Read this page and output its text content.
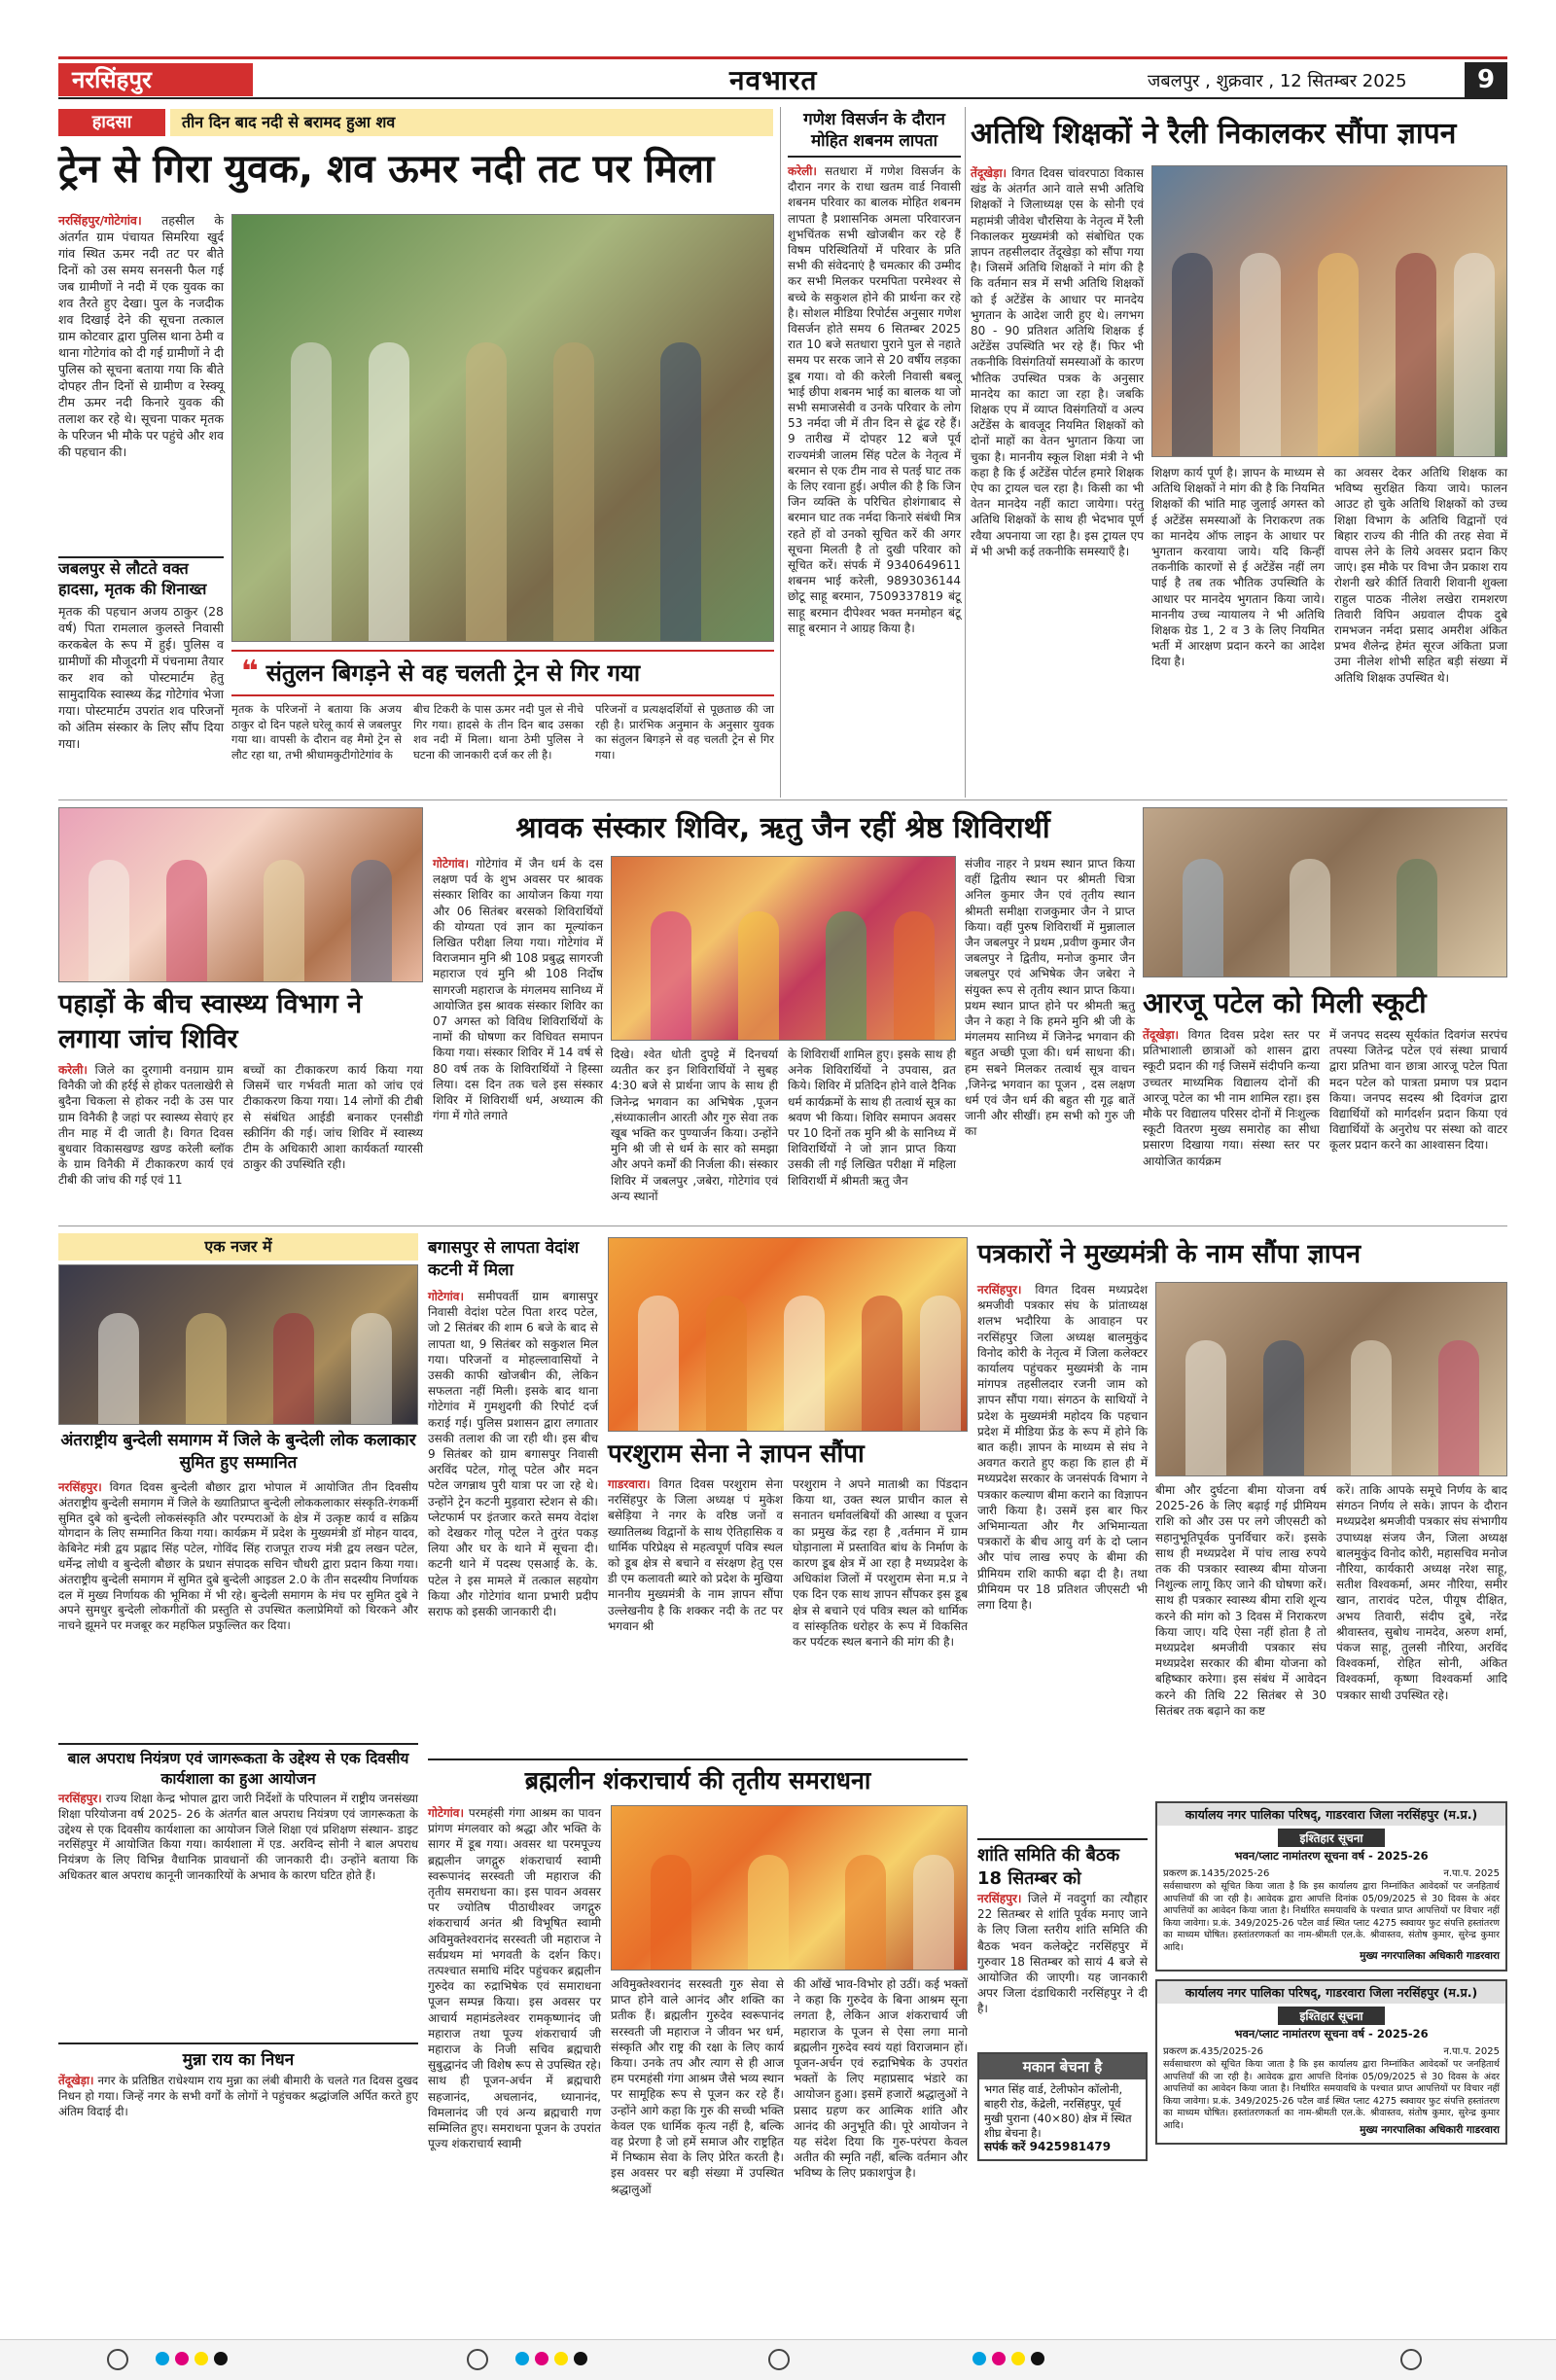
नरसिंहपुर	नवभारत	जबलपुर , शुक्रवार , 12 सितम्बर 2025	9
हादसा	तीन दिन बाद नदी से बरामद हुआ शव
ट्रेन से गिरा युवक, शव ऊमर नदी तट पर मिला
नरसिंहपुर/गोटेगांव। तहसील के अंतर्गत ग्राम पंचायत सिमरिया खुर्द गांव स्थित ऊमर नदी तट पर बीते दिनों को उस समय सनसनी फैल गई जब ग्रामीणों ने नदी में एक युवक का शव तैरते हुए देखा। पुल के नजदीक शव दिखाई देने की सूचना तत्काल ग्राम कोटवार द्वारा पुलिस थाना ठेमी व थाना गोटेगांव को दी गई ग्रामीणों ने दी पुलिस को सूचना बताया गया कि बीते दोपहर तीन दिनों से ग्रामीण व रेस्क्यू टीम ऊमर नदी किनारे युवक की तलाश कर रहे थे। सूचना पाकर मृतक के परिजन भी मौके पर पहुंचे और शव की पहचान की।
जबलपुर से लौटते वक्त हादसा, मृतक की शिनाख्त
मृतक की पहचान अजय ठाकुर (28 वर्ष) पिता रामलाल कुलस्ते निवासी करकबेल के रूप में हुई। पुलिस व ग्रामीणों की मौजूदगी में पंचनामा तैयार कर शव को पोस्टमार्टम हेतु सामुदायिक स्वास्थ्य केंद्र गोटेगांव भेजा गया। पोस्टमार्टम उपरांत शव परिजनों को अंतिम संस्कार के लिए सौंप दिया गया।
❝ संतुलन बिगड़ने से वह चलती ट्रेन से गिर गया
मृतक के परिजनों ने बताया कि अजय ठाकुर दो दिन पहले घरेलू कार्य से जबलपुर गया था। वापसी के दौरान वह मैमो ट्रेन से लौट रहा था, तभी श्रीधामकुटीगोटेगांव के
बीच टिकरी के पास ऊमर नदी पुल से नीचे गिर गया। हादसे के तीन दिन बाद उसका शव नदी में मिला। थाना ठेमी पुलिस ने घटना की जानकारी दर्ज कर ली है।
परिजनों व प्रत्यक्षदर्शियों से पूछताछ की जा रही है। प्रारंभिक अनुमान के अनुसार युवक का संतुलन बिगड़ने से वह चलती ट्रेन से गिर गया।
गणेश विसर्जन के दौरान मोहित शबनम लापता
करेली। सतधारा में गणेश विसर्जन के दौरान नगर के राधा खतम वार्ड निवासी शबनम परिवार का बालक मोहित शबनम लापता है प्रशासनिक अमला परिवारजन शुभचिंतक सभी खोजबीन कर रहे हैं विषम परिस्थितियों में परिवार के प्रति सभी की संवेदनाएं है चमत्कार की उम्मीद कर सभी मिलकर परमपिता परमेश्वर से बच्चे के सकुशल होने की प्रार्थना कर रहे है। सोशल मीडिया रिपोर्टस अनुसार गणेश विसर्जन होते समय 6 सितम्बर 2025 रात 10 बजे सतधारा पुराने पुल से नहाते समय पर सरक जाने से 20 वर्षीय लड़का डूब गया। वो की करेली निवासी बबलू भाई छीपा शबनम भाई का बालक था जो सभी समाजसेवी व उनके परिवार के लोग 53 नर्मदा जी में तीन दिन से ढूंढ रहे हैं। 9 तारीख में दोपहर 12 बजे पूर्व राज्यमंत्री जालम सिंह पटेल के नेतृत्व में बरमान से एक टीम नाव से पतई घाट तक के लिए रवाना हुई। अपील की है कि जिन जिन व्यक्ति के परिचित होशंगाबाद से बरमान घाट तक नर्मदा किनारे संबंधी मित्र रहते हों वो उनको सूचित करें की अगर सूचना मिलती है तो दुखी परिवार को सूचित करें। संपर्क में 9340649611 शबनम भाई करेली, 9893036144 छोटू साहू बरमान, 7509337819 बंटू साहू बरमान दीपेश्वर भक्त मनमोहन बंटू साहू बरमान ने आग्रह किया है।
अतिथि शिक्षकों ने रैली निकालकर सौंपा ज्ञापन
तेंदूखेड़ा। विगत दिवस चांवरपाठा विकास खंड के अंतर्गत आने वाले सभी अतिथि शिक्षकों ने जिलाध्यक्ष एस के सोनी एवं महामंत्री जीवेश चौरसिया के नेतृत्व में रैली निकालकर मुख्यमंत्री को संबोधित एक ज्ञापन तहसीलदार तेंदूखेड़ा को सौंपा गया है। जिसमें अतिथि शिक्षकों ने मांग की है कि वर्तमान सत्र में सभी अतिथि शिक्षकों को ई अटेंडेंस के आधार पर मानदेय भुगतान के आदेश जारी हुए थे। लगभग 80 - 90 प्रतिशत अतिथि शिक्षक ई अटेंडेंस उपस्थिति भर रहे हैं। फिर भी तकनीकि विसंगतियों समस्याओं के कारण भौतिक उपस्थित पत्रक के अनुसार मानदेय का काटा जा रहा है। जबकि शिक्षक एप में व्याप्त विसंगतियों व अल्प अटेंडेंस के बावजूद नियमित शिक्षकों को दोनों माहों का वेतन भुगतान किया जा चुका है। माननीय स्कूल शिक्षा मंत्री ने भी कहा है कि ई अटेंडेंस पोर्टल हमारे शिक्षक ऐप का ट्रायल चल रहा है। किसी का भी वेतन मानदेय नहीं काटा जायेगा। परंतु अतिथि शिक्षकों के साथ ही भेदभाव पूर्ण रवैया अपनाया जा रहा है। इस ट्रायल एप में भी अभी कई तकनीकि समस्याएँ है।
शिक्षण कार्य पूर्ण है। ज्ञापन के माध्यम से अतिथि शिक्षकों ने मांग की है कि नियमित शिक्षकों की भांति माह जुलाई अगस्त को ई अटेंडेंस समस्याओं के निराकरण तक का मानदेय ऑफ लाइन के आधार पर भुगतान करवाया जाये। यदि किन्हीं तकनीकि कारणों से ई अटेंडेंस नहीं लग पाई है तब तक भौतिक उपस्थिति के आधार पर मानदेय भुगतान किया जाये। माननीय उच्च न्यायालय ने भी अतिथि शिक्षक ग्रेड 1, 2 व 3 के लिए नियमित भर्ती में आरक्षण प्रदान करने का आदेश दिया है।
का अवसर देकर अतिथि शिक्षक का भविष्य सुरक्षित किया जाये। फालन आउट हो चुके अतिथि शिक्षकों को उच्च शिक्षा विभाग के अतिथि विद्वानों एवं बिहार राज्य की नीति की तरह सेवा में वापस लेने के लिये अवसर प्रदान किए जाएं। इस मौके पर विभा जैन प्रकाश राय रोशनी खरे कीर्ति तिवारी शिवानी शुक्ला राहुल पाठक नीलेश लखेरा रामशरण तिवारी विपिन अग्रवाल दीपक दुबे रामभजन नर्मदा प्रसाद अमरीश अंकित प्रभव शैलेन्द्र हेमंत सूरज अंकिता प्रजा उमा नीलेश शोभी सहित बड़ी संख्या में अतिथि शिक्षक उपस्थित थे।
पहाड़ों के बीच स्वास्थ्य विभाग ने लगाया जांच शिविर
करेली। जिले का दुरगामी वनग्राम ग्राम विनैकी जो की हर्रई से होकर पतलाखेरी से बुदैना चिकला से होकर नदी के उस पार ग्राम विनैकी है जहां पर स्वास्थ्य सेवाएं हर तीन माह में दी जाती है। विगत दिवस बुधवार विकासखण्ड खण्ड करेली ब्लॉक के ग्राम विनैकी में टीकाकरण कार्य एवं टीबी की जांच की गई एवं 11
बच्चों का टीकाकरण कार्य किया गया जिसमें चार गर्भवती माता को जांच एवं टीकाकरण किया गया। 14 लोगों की टीबी से संबंधित आईडी बनाकर एनसीडी स्क्रीनिंग की गई। जांच शिविर में स्वास्थ्य टीम के अधिकारी आशा कार्यकर्ता ग्यारसी ठाकुर की उपस्थिति रही।
श्रावक संस्कार शिविर, ऋतु जैन रहीं श्रेष्ठ शिविरार्थी
गोटेगांव। गोटेगांव में जैन धर्म के दस लक्षण पर्व के शुभ अवसर पर श्रावक संस्कार शिविर का आयोजन किया गया और 06 सितंबर बरसको शिविरार्थियों की योग्यता एवं ज्ञान का मूल्यांकन लिखित परीक्षा लिया गया। गोटेगांव में विराजमान मुनि श्री 108 प्रबुद्ध सागरजी महाराज एवं मुनि श्री 108 निर्दोष सागरजी महाराज के मंगलमय सानिध्य में आयोजित इस श्रावक संस्कार शिविर का 07 अगस्त को विविध शिविरार्थियों के नामों की घोषणा कर विधिवत समापन किया गया। संस्कार शिविर में 14 वर्ष से 80 वर्ष तक के शिविरार्थियों ने हिस्सा लिया। दस दिन तक चले इस संस्कार शिविर में शिविरार्थी धर्म, अध्यात्म की गंगा में गोते लगाते
दिखे। श्वेत धोती दुपट्टे में दिनचर्या व्यतीत कर इन शिविरार्थियों ने सुबह 4:30 बजे से प्रार्थना जाप के साथ ही जिनेन्द्र भगवान का अभिषेक ,पूजन ,संध्याकालीन आरती और गुरु सेवा तक खूब भक्ति कर पुण्यार्जन किया। उन्होंने मुनि श्री जी से धर्म के सार को समझा और अपने कर्मों की निर्जला की। संस्कार शिविर में जबलपुर ,जबेरा, गोटेगांव एवं अन्य स्थानों
के शिविरार्थी शामिल हुए। इसके साथ ही अनेक शिविरार्थियों ने उपवास, व्रत किये। शिविर में प्रतिदिन होने वाले दैनिक धर्म कार्यक्रमों के साथ ही तत्वार्थ सूत्र का श्रवण भी किया। शिविर समापन अवसर पर 10 दिनों तक मुनि श्री के सानिध्य में शिविरार्थियों ने जो ज्ञान प्राप्त किया उसकी ली गई लिखित परीक्षा में महिला शिविरार्थी में श्रीमती ऋतु जैन
संजीव नाहर ने प्रथम स्थान प्राप्त किया वहीं द्वितीय स्थान पर श्रीमती चित्रा अनिल कुमार जैन एवं तृतीय स्थान श्रीमती समीक्षा राजकुमार जैन ने प्राप्त किया। वहीं पुरुष शिविरार्थी में मुन्नालाल जैन जबलपुर ने प्रथम ,प्रवीण कुमार जैन जबलपुर ने द्वितीय, मनोज कुमार जैन जबलपुर एवं अभिषेक जैन जबेरा ने संयुक्त रूप से तृतीय स्थान प्राप्त किया। प्रथम स्थान प्राप्त होने पर श्रीमती ऋतु जैन ने कहा ने कि हमने मुनि श्री जी के मंगलमय सानिध्य में जिनेन्द्र भगवान की बहुत अच्छी पूजा की। धर्म साधना की। हम सबने मिलकर तत्वार्थ सूत्र वाचन ,जिनेन्द्र भगवान का पूजन , दस लक्षण धर्म एवं जैन धर्म की बहुत सी गूढ़ बातें जानी और सीखीं। हम सभी को गुरु जी का
आरजू पटेल को मिली स्कूटी
तेंदूखेड़ा। विगत दिवस प्रदेश स्तर पर प्रतिभाशाली छात्राओं को शासन द्वारा स्कूटी प्रदान की गई जिसमें संदीपनि कन्या उच्चतर माध्यमिक विद्यालय दोनों की आरजू पटेल का भी नाम शामिल रहा। इस मौके पर विद्यालय परिसर दोनों में निःशुल्क स्कूटी वितरण मुख्य समारोह का सीधा प्रसारण दिखाया गया। संस्था स्तर पर आयोजित कार्यक्रम
में जनपद सदस्य सूर्यकांत दिवगंज सरपंच तपस्या जितेन्द्र पटेल एवं संस्था प्राचार्य द्वारा प्रतिभा वान छात्रा आरजू पटेल पिता मदन पटेल को पात्रता प्रमाण पत्र प्रदान किया। जनपद सदस्य श्री दिवगंज द्वारा विद्यार्थियों को मार्गदर्शन प्रदान किया एवं विद्यार्थियों के अनुरोध पर संस्था को वाटर कूलर प्रदान करने का आश्वासन दिया।
एक नजर में
अंतराष्ट्रीय बुन्देली समागम में जिले के बुन्देली लोक कलाकार सुमित हुए सम्मानित
नरसिंहपुर। विगत दिवस बुन्देली बौछार द्वारा भोपाल में आयोजित तीन दिवसीय अंतराष्ट्रीय बुन्देली समागम में जिले के ख्यातिप्राप्त बुन्देली लोककलाकार संस्कृति-रंगकर्मी सुमित दुबे को बुन्देली लोकसंस्कृति और परम्पराओं के क्षेत्र में उत्कृष्ट कार्य व सक्रिय योगदान के लिए सम्मानित किया गया। कार्यक्रम में प्रदेश के मुख्यमंत्री डॉ मोहन यादव, केबिनेट मंत्री द्वय प्रह्लाद सिंह पटेल, गोविंद सिंह राजपूत राज्य मंत्री द्वय लखन पटेल, धर्मेन्द्र लोधी व बुन्देली बौछार के प्रधान संपादक सचिन चौधरी द्वारा प्रदान किया गया। अंतराष्ट्रीय बुन्देली समागम में सुमित दुबे बुन्देली आइडल 2.0 के तीन सदस्यीय निर्णायक दल में मुख्य निर्णायक की भूमिका में भी रहे। बुन्देली समागम के मंच पर सुमित दुबे ने अपने सुमधुर बुन्देली लोकगीतों की प्रस्तुति से उपस्थित कलाप्रेमियों को थिरकने और नाचने झूमने पर मजबूर कर महफिल प्रफुल्लित कर दिया।
बाल अपराध नियंत्रण एवं जागरूकता के उद्देश्य से एक दिवसीय कार्यशाला का हुआ आयोजन
नरसिंहपुर। राज्य शिक्षा केन्द्र भोपाल द्वारा जारी निर्देशों के परिपालन में राष्ट्रीय जनसंख्या शिक्षा परियोजना वर्ष 2025- 26 के अंतर्गत बाल अपराध नियंत्रण एवं जागरूकता के उद्देश्य से एक दिवसीय कार्यशाला का आयोजन जिले शिक्षा एवं प्रशिक्षण संस्थान- डाइट नरसिंहपुर में आयोजित किया गया। कार्यशाला में एड. अरविन्द सोनी ने बाल अपराध नियंत्रण के लिए विभिन्न वैधानिक प्रावधानों की जानकारी दी। उन्होंने बताया कि अधिकतर बाल अपराध कानूनी जानकारियों के अभाव के कारण घटित होते हैं।
मुन्ना राय का निधन
तेंदूखेड़ा। नगर के प्रतिष्ठित राधेश्याम राय मुन्ना का लंबी बीमारी के चलते गत दिवस दुखद निधन हो गया। जिन्हें नगर के सभी वर्गों के लोगों ने पहुंचकर श्रद्धांजलि अर्पित करते हुए अंतिम विदाई दी।
बगासपुर से लापता वेदांश कटनी में मिला
गोटेगांव। समीपवर्ती ग्राम बगासपुर निवासी वेदांश पटेल पिता शरद पटेल, जो 2 सितंबर की शाम 6 बजे के बाद से लापता था, 9 सितंबर को सकुशल मिल गया। परिजनों व मोहल्लावासियों ने उसकी काफी खोजबीन की, लेकिन सफलता नहीं मिली। इसके बाद थाना गोटेगांव में गुमशुदगी की रिपोर्ट दर्ज कराई गई। पुलिस प्रशासन द्वारा लगातार उसकी तलाश की जा रही थी। इस बीच 9 सितंबर को ग्राम बगासपुर निवासी अरविंद पटेल, गोलू पटेल और मदन पटेल जगन्नाथ पुरी यात्रा पर जा रहे थे। उन्होंने ट्रेन कटनी मुड़वारा स्टेशन से की। प्लेटफार्म पर इंतजार करते समय वेदांश को देखकर गोलू पटेल ने तुरंत पकड़ लिया और घर के थाने में सूचना दी। कटनी थाने में पदस्थ एसआई के. के. पटेल ने इस मामले में तत्काल सहयोग किया और गोटेगांव थाना प्रभारी प्रदीप सराफ को इसकी जानकारी दी।
परशुराम सेना ने ज्ञापन सौंपा
गाडरवारा। विगत दिवस परशुराम सेना नरसिंहपुर के जिला अध्यक्ष पं मुकेश बसेड़िया ने नगर के वरिष्ठ जनों व ख्यातिलब्ध विद्वानों के साथ ऐतिहासिक व धार्मिक परिप्रेक्ष्य से महत्वपूर्ण पवित्र स्थल को डूब क्षेत्र से बचाने व संरक्षण हेतु एस डी एम कलावती ब्यारे को प्रदेश के मुखिया माननीय मुख्यमंत्री के नाम ज्ञापन सौंपा उल्लेखनीय है कि शक्कर नदी के तट पर भगवान श्री
परशुराम ने अपने माताश्री का पिंडदान किया था, उक्त स्थल प्राचीन काल से सनातन धर्मावलंबियों की आस्था व पूजन का प्रमुख केंद्र रहा है ,वर्तमान में ग्राम घोड़ानाला में प्रस्तावित बांध के निर्माण के कारण डूब क्षेत्र में आ रहा है मध्यप्रदेश के अधिकांश जिलों में परशुराम सेना म.प्र ने एक दिन एक साथ ज्ञापन सौंपकर इस डूब क्षेत्र से बचाने एवं पवित्र स्थल को धार्मिक व सांस्कृतिक धरोहर के रूप में विकसित कर पर्यटक स्थल बनाने की मांग की है।
ब्रह्मलीन शंकराचार्य की तृतीय समराधना
गोटेगांव। परमहंसी गंगा आश्रम का पावन प्रांगण मंगलवार को श्रद्धा और भक्ति के सागर में डूब गया। अवसर था परमपूज्य ब्रह्मलीन जगद्गुरु शंकराचार्य स्वामी स्वरूपानंद सरस्वती जी महाराज की तृतीय समराधना का। इस पावन अवसर पर ज्योतिष पीठाधीश्वर जगद्गुरु शंकराचार्य अनंत श्री विभूषित स्वामी अविमुक्तेश्वरानंद सरस्वती जी महाराज ने सर्वप्रथम मां भगवती के दर्शन किए। तत्पश्चात समाधि मंदिर पहुंचकर ब्रह्मलीन गुरुदेव का रुद्राभिषेक एवं समाराधना पूजन सम्पन्न किया। इस अवसर पर आचार्य महामंडलेश्वर रामकृष्णानंद जी महाराज तथा पूज्य शंकराचार्य जी महाराज के निजी सचिव ब्रह्मचारी सुबुद्धानंद जी विशेष रूप से उपस्थित रहे। साथ ही पूजन-अर्चन में ब्रह्मचारी सहजानंद, अचलानंद, ध्यानानंद, विमलानंद जी एवं अन्य ब्रह्मचारी गण सम्मिलित हुए। समराधना पूजन के उपरांत पूज्य शंकराचार्य स्वामी
अविमुक्तेश्वरानंद सरस्वती गुरु सेवा से प्राप्त होने वाले आनंद और शक्ति का प्रतीक हैं। ब्रह्मलीन गुरुदेव स्वरूपानंद सरस्वती जी महाराज ने जीवन भर धर्म, संस्कृति और राष्ट्र की रक्षा के लिए कार्य किया। उनके तप और त्याग से ही आज हम परमहंसी गंगा आश्रम जैसे भव्य स्थान पर सामूहिक रूप से पूजन कर रहे हैं। उन्होंने आगे कहा कि गुरु की सच्ची भक्ति केवल एक धार्मिक कृत्य नहीं है, बल्कि वह प्रेरणा है जो हमें समाज और राष्ट्रहित में निष्काम सेवा के लिए प्रेरित करती है। इस अवसर पर बड़ी संख्या में उपस्थित श्रद्धालुओं
की आँखें भाव-विभोर हो उठीं। कई भक्तों ने कहा कि गुरुदेव के बिना आश्रम सूना लगता है, लेकिन आज शंकराचार्य जी महाराज के पूजन से ऐसा लगा मानो ब्रह्मलीन गुरुदेव स्वयं यहां विराजमान हों। पूजन-अर्चन एवं रुद्राभिषेक के उपरांत भक्तों के लिए महाप्रसाद भंडारे का आयोजन हुआ। इसमें हजारों श्रद्धालुओं ने प्रसाद ग्रहण कर आत्मिक शांति और आनंद की अनुभूति की। पूरे आयोजन ने यह संदेश दिया कि गुरु-परंपरा केवल अतीत की स्मृति नहीं, बल्कि वर्तमान और भविष्य के लिए प्रकाशपुंज है।
पत्रकारों ने मुख्यमंत्री के नाम सौंपा ज्ञापन
नरसिंहपुर। विगत दिवस मध्यप्रदेश श्रमजीवी पत्रकार संघ के प्रांताध्यक्ष शलभ भदौरिया के आवाहन पर नरसिंहपुर जिला अध्यक्ष बालमुकुंद विनोद कोरी के नेतृत्व में जिला कलेक्टर कार्यालय पहुंचकर मुख्यमंत्री के नाम मांगपत्र तहसीलदार रजनी जाम को ज्ञापन सौंपा गया। संगठन के साथियों ने प्रदेश के मुख्यमंत्री महोदय कि पहचान प्रदेश में मीडिया फ्रेंड के रूप में होने कि बात कही। ज्ञापन के माध्यम से संघ ने अवगत कराते हुए कहा कि हाल ही में मध्यप्रदेश सरकार के जनसंपर्क विभाग ने पत्रकार कल्याण बीमा कराने का विज्ञापन जारी किया है। उसमें इस बार फिर अभिमान्यता और गैर अभिमान्यता पत्रकारों के बीच आयु वर्ग के दो प्लान और पांच लाख रुपए के बीमा की प्रीमियम राशि काफी बढ़ा दी है। तथा प्रीमियम पर 18 प्रतिशत जीएसटी भी लगा दिया है।
बीमा और दुर्घटना बीमा योजना वर्ष 2025-26 के लिए बढ़ाई गई प्रीमियम राशि को और उस पर लगे जीएसटी को सहानुभूतिपूर्वक पुनर्विचार करें। इसके साथ ही मध्यप्रदेश में पांच लाख रुपये तक की पत्रकार स्वास्थ्य बीमा योजना निशुल्क लागू किए जाने की घोषणा करें। साथ ही पत्रकार स्वास्थ्य बीमा राशि शून्य करने की मांग को 3 दिवस में निराकरण किया जाए। यदि ऐसा नहीं होता है तो मध्यप्रदेश श्रमजीवी पत्रकार संघ मध्यप्रदेश सरकार की बीमा योजना को बहिष्कार करेगा। इस संबंध में आवेदन करने की तिथि 22 सितंबर से 30 सितंबर तक बढ़ाने का कष्ट
करें। ताकि आपके समूचे निर्णय के बाद संगठन निर्णय ले सके। ज्ञापन के दौरान मध्यप्रदेश श्रमजीवी पत्रकार संघ संभागीय उपाध्यक्ष संजय जैन, जिला अध्यक्ष बालमुकुंद विनोद कोरी, महासचिव मनोज नौरिया, कार्यकारी अध्यक्ष नरेश साहू, सतीश विश्वकर्मा, अमर नौरिया, समीर खान, तारावंद पटेल, पीयूष दीक्षित, अभय तिवारी, संदीप दुबे, नरेंद्र श्रीवास्तव, सुबोध नामदेव, अरुण शर्मा, पंकज साहू, तुलसी नौरिया, अरविंद विश्वकर्मा, रोहित सोनी, अंकित विश्वकर्मा, कृष्णा विश्वकर्मा आदि पत्रकार साथी उपस्थित रहे।
शांति समिति की बैठक 18 सितम्बर को
नरसिंहपुर। जिले में नवदुर्गा का त्यौहार 22 सितम्बर से शांति पूर्वक मनाए जाने के लिए जिला स्तरीय शांति समिति की बैठक भवन कलेक्ट्रेट नरसिंहपुर में गुरुवार 18 सितम्बर को सायं 4 बजे से आयोजित की जाएगी। यह जानकारी अपर जिला दंडाधिकारी नरसिंहपुर ने दी है।
मकान बेचना है
भगत सिंह वार्ड, टेलीफोन कॉलोनी, बाहरी रोड, केंद्रेली, नरसिंहपुर, पूर्व मुखी पुराना (40×80) क्षेत्र में स्थित शीघ्र बेचना है।
सपंर्क करें 9425981479
कार्यालय नगर पालिका परिषद्, गाडरवारा जिला नरसिंहपुर (म.प्र.)
इश्तिहार सूचना
भवन/प्लाट नामांतरण सूचना वर्ष - 2025-26
प्रकरण क्र.1435/2025-26	न.पा.प. 2025
सर्वसाधारण को सूचित किया जाता है कि इस कार्यालय द्वारा निम्नांकित आवेदकों पर जनहितार्थ आपत्तियाँ की जा रही है। आवेदक द्वारा आपत्ति दिनांक 05/09/2025 से 30 दिवस के अंदर आपत्तियों का आवेदन किया जाता है। निर्धारित समयावधि के पश्चात प्राप्त आपत्तियों पर विचार नहीं किया जावेगा। प्र.कं. 349/2025-26 पटैल वार्ड स्थित प्लाट 4275 स्क्वायर फुट संपत्ति हस्तांतरण का माध्यम घोषित। हस्तांतरणकर्ता का नाम-श्रीमती एल.के. श्रीवास्तव, संतोष कुमार, सुरेन्द्र कुमार आदि।
मुख्य नगरपालिका अधिकारी गाडरवारा
कार्यालय नगर पालिका परिषद्, गाडरवारा जिला नरसिंहपुर (म.प्र.)
इश्तिहार सूचना
भवन/प्लाट नामांतरण सूचना वर्ष - 2025-26
प्रकरण क्र.435/2025-26	न.पा.प. 2025
सर्वसाधारण को सूचित किया जाता है कि इस कार्यालय द्वारा निम्नांकित आवेदकों पर जनहितार्थ आपत्तियाँ की जा रही है। आवेदक द्वारा आपत्ति दिनांक 05/09/2025 से 30 दिवस के अंदर आपत्तियों का आवेदन किया जाता है। निर्धारित समयावधि के पश्चात प्राप्त आपत्तियों पर विचार नहीं किया जावेगा। प्र.कं. 349/2025-26 पटैल वार्ड स्थित प्लाट 4275 स्क्वायर फुट संपत्ति हस्तांतरण का माध्यम घोषित। हस्तांतरणकर्ता का नाम-श्रीमती एल.के. श्रीवास्तव, संतोष कुमार, सुरेन्द्र कुमार आदि।	मुख्य नगरपालिका अधिकारी गाडरवारा
